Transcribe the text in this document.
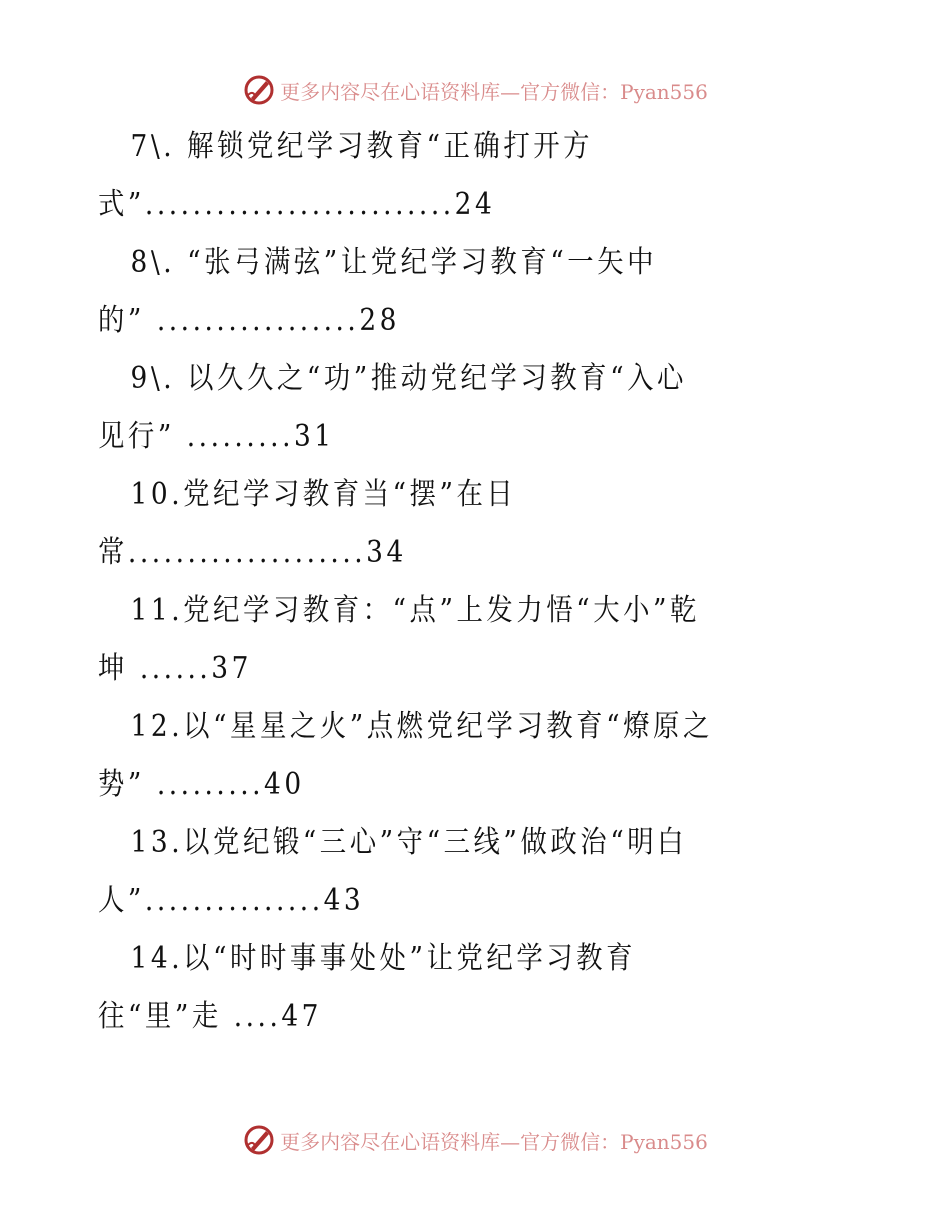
更多内容尽在心语资料库—官方微信：Pyan556
7\. 解锁党纪学习教育“正确打开方
式”..........................24
8\. “张弓满弦”让党纪学习教育“一矢中
的” .................28
9\. 以久久之“功”推动党纪学习教育“入心
见行” .........31
10.党纪学习教育当“摆”在日
常....................34
11.党纪学习教育：“点”上发力悟“大小”乾
坤 ......37
12.以“星星之火”点燃党纪学习教育“燎原之
势” .........40
13.以党纪锻“三心”守“三线”做政治“明白
人”...............43
14.以“时时事事处处”让党纪学习教育
往“里”走 ....47
更多内容尽在心语资料库—官方微信：Pyan556
